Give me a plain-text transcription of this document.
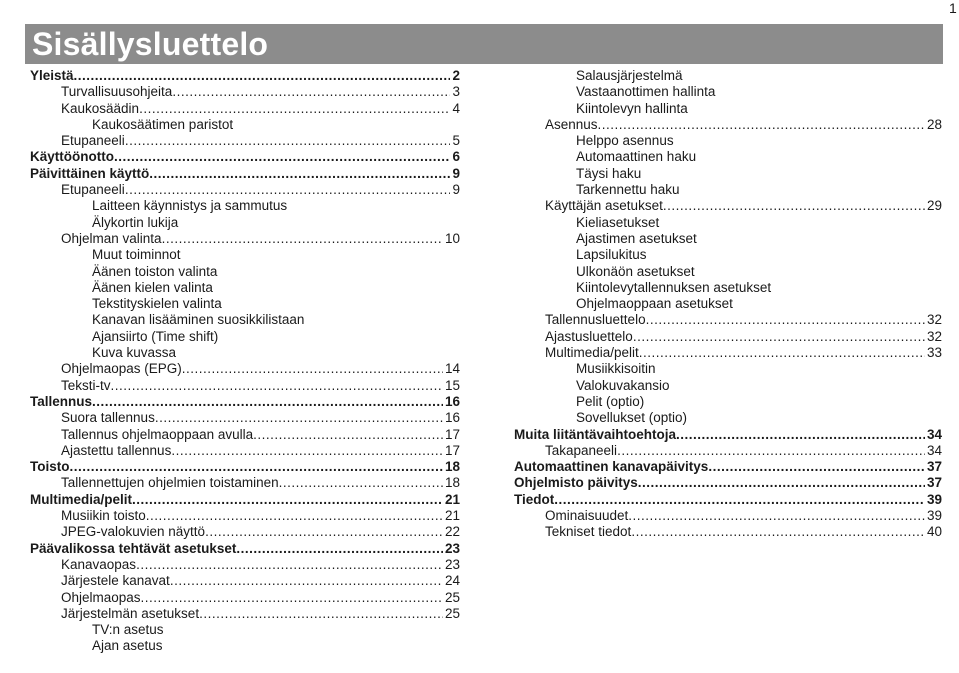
1
Sisällysluettelo
Yleistä .....	2
Turvallisuusohjeita .....	3
Kaukosäädin .....	4
Kaukosäätimen paristot
Etupaneeli .....	5
Käyttöönotto .....	6
Päivittäinen käyttö .....	9
Etupaneeli .....	9
Laitteen käynnistys ja sammutus
Älykortin lukija
Ohjelman valinta .....	10
Muut toiminnot
Äänen toiston valinta
Äänen kielen valinta
Tekstityskielen valinta
Kanavan lisääminen suosikkilistaan
Ajansiirto (Time shift)
Kuva kuvassa
Ohjelmaopas (EPG) .....	14
Teksti-tv .....	15
Tallennus .....	16
Suora tallennus .....	16
Tallennus ohjelmaoppaan avulla .....	17
Ajastettu tallennus .....	17
Toisto .....	18
Tallennettujen ohjelmien toistaminen .....	18
Multimedia/pelit .....	21
Musiikin toisto .....	21
JPEG-valokuvien näyttö .....	22
Päävalikossa tehtävät asetukset .....	23
Kanavaopas .....	23
Järjestele kanavat .....	24
Ohjelmaopas .....	25
Järjestelmän asetukset .....	25
TV:n asetus
Ajan asetus
Salausjärjestelmä
Vastaanottimen hallinta
Kiintolevyn hallinta
Asennus .....	28
Helppo asennus
Automaattinen haku
Täysi haku
Tarkennettu haku
Käyttäjän asetukset .....	29
Kieliasetukset
Ajastimen asetukset
Lapsilukitus
Ulkonäön asetukset
Kiintolevytallennuksen asetukset
Ohjelmaoppaan asetukset
Tallennusluettelo .....	32
Ajastusluettelo .....	32
Multimedia/pelit .....	33
Musiikkisoitin
Valokuvakansio
Pelit (optio)
Sovellukset (optio)
Muita liitäntävaihtoehtoja .....	34
Takapaneeli .....	34
Automaattinen kanavapäivitys .....	37
Ohjelmisto päivitys .....	37
Tiedot .....	39
Ominaisuudet .....	39
Tekniset tiedot .....	40
